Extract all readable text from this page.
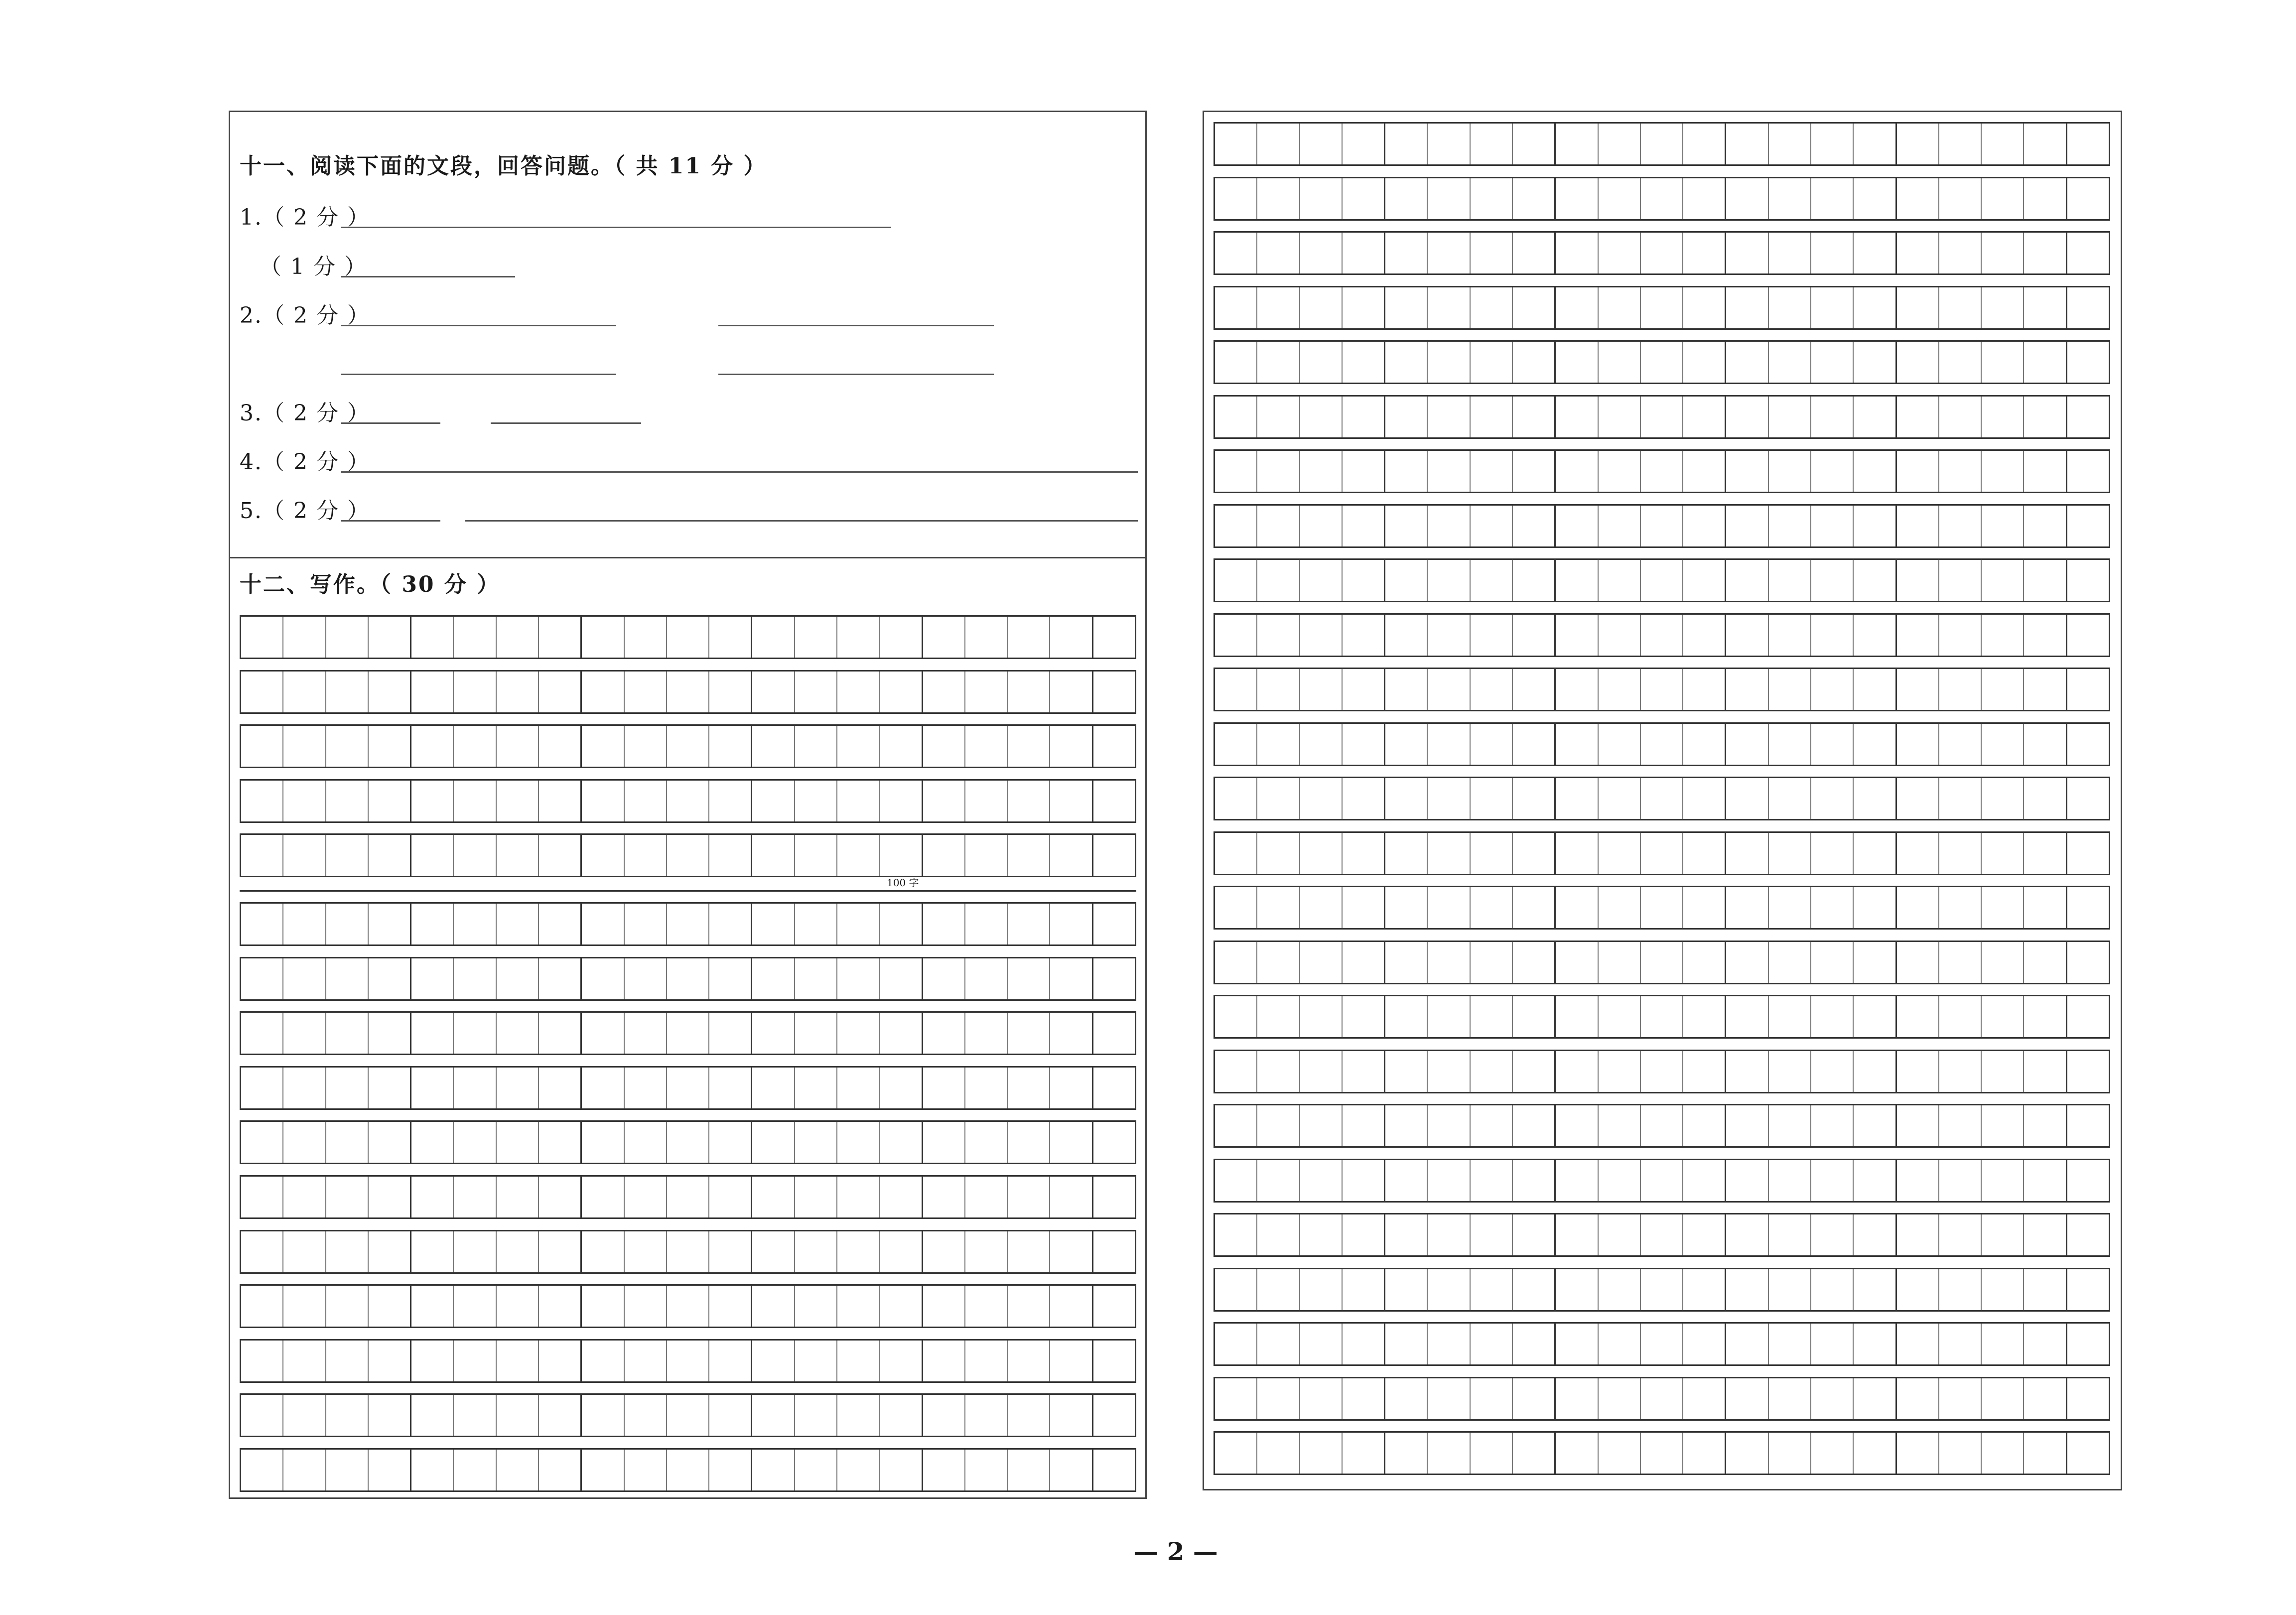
十一、阅读下面的文段，回答问题。（ 共 11 分 ）
1.（ 2 分 ）
（ 1 分 ）
2.（ 2 分 ）
3.（ 2 分 ）
4.（ 2 分 ）
5.（ 2 分 ）
十二、写作。（ 30 分 ）
100 字
— 2 —
